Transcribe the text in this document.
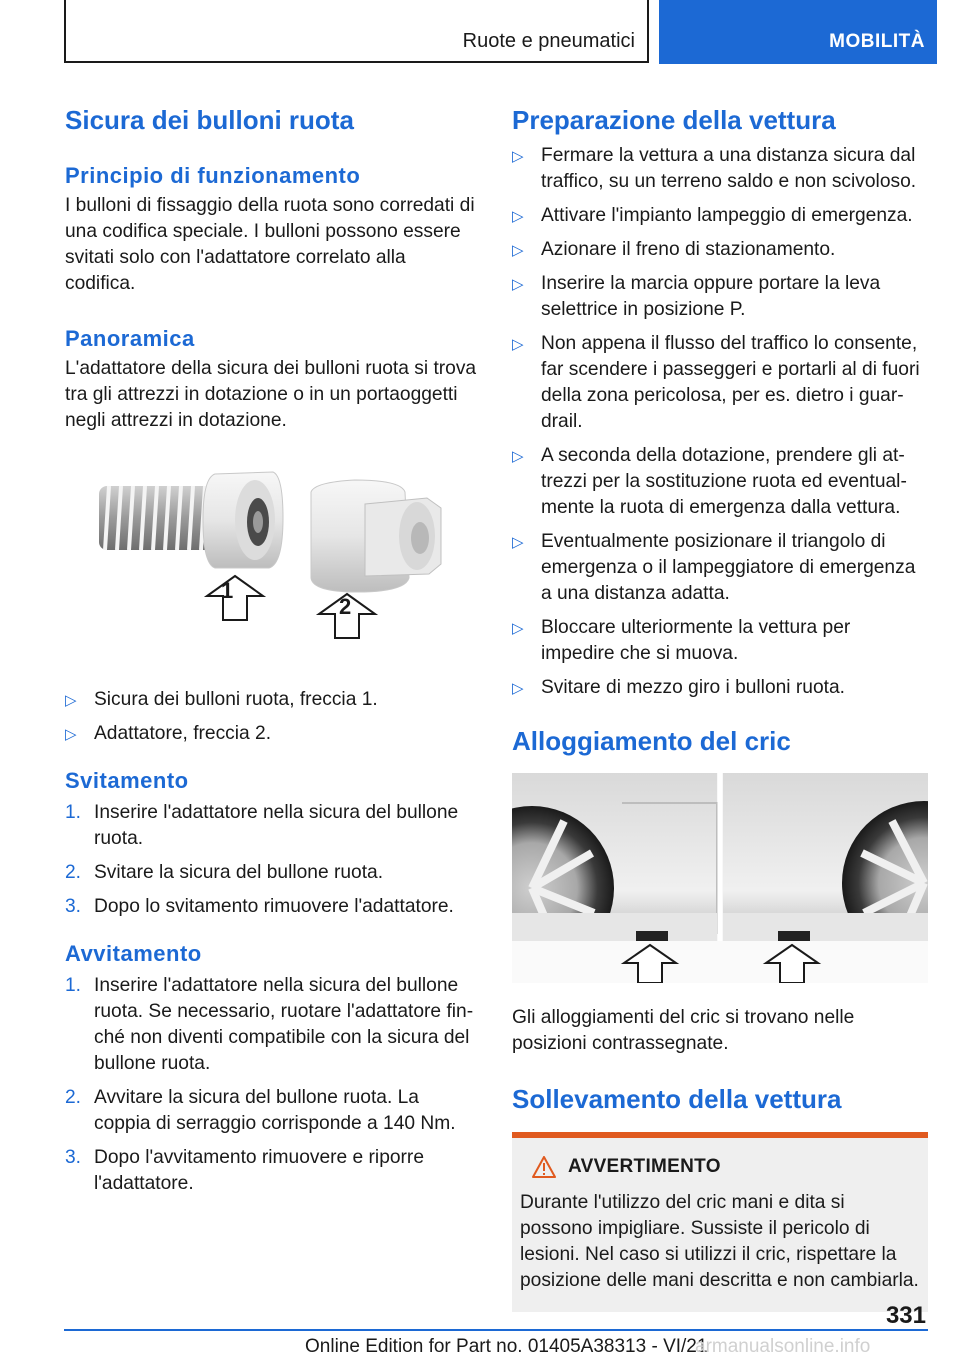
Ruote e pneumatici	MOBILITÀ
Sicura dei bulloni ruota
Principio di funzionamento

I bulloni di fissaggio della ruota sono corredati di una codifica speciale. I bulloni possono essere svitati solo con l'adattatore correlato alla codifica.

Panoramica

L'adattatore della sicura dei bulloni ruota si trova tra gli attrezzi in dotazione o in un portaoggetti negli attrezzi in dotazione.

1
2
▷ Sicura dei bulloni ruota, freccia 1.
▷ Adattatore, freccia 2.
Svitamento
1. Inserire l'adattatore nella sicura del bullone ruota.
2. Svitare la sicura del bullone ruota.
3. Dopo lo svitamento rimuovere l'adattatore.
Avvitamento
1. Inserire l'adattatore nella sicura del bullone ruota. Se necessario, ruotare l'adattatore finché non diventi compatibile con la sicura del bullone ruota.
2. Avvitare la sicura del bullone ruota. La coppia di serraggio corrisponde a 140 Nm.
3. Dopo l'avvitamento rimuovere e riporre l'adattatore.
Preparazione della vettura
▷ Fermare la vettura a una distanza sicura dal traffico, su un terreno saldo e non scivoloso.
▷ Attivare l'impianto lampeggio di emergenza.
▷ Azionare il freno di stazionamento.
▷ Inserire la marcia oppure portare la leva selettrice in posizione P.
▷ Non appena il flusso del traffico lo consente, far scendere i passeggeri e portarli al di fuori della zona pericolosa, per es. dietro i guardrail.
▷ A seconda della dotazione, prendere gli attrezzi per la sostituzione ruota ed eventualmente la ruota di emergenza dalla vettura.
▷ Eventualmente posizionare il triangolo di emergenza o il lampeggiatore di emergenza a una distanza adatta.
▷ Bloccare ulteriormente la vettura per impedire che si muova.
▷ Svitare di mezzo giro i bulloni ruota.
Alloggiamento del cric

Gli alloggiamenti del cric si trovano nelle posizioni contrassegnate.

Sollevamento della vettura
AVVERTIMENTO

Durante l'utilizzo del cric mani e dita si possono impigliare. Sussiste il pericolo di lesioni. Nel caso si utilizzi il cric, rispettare la posizione delle mani descritta e non cambiarla.

331
Online Edition for Part no. 01405A38313 - VI/21
armanualsonline.info
